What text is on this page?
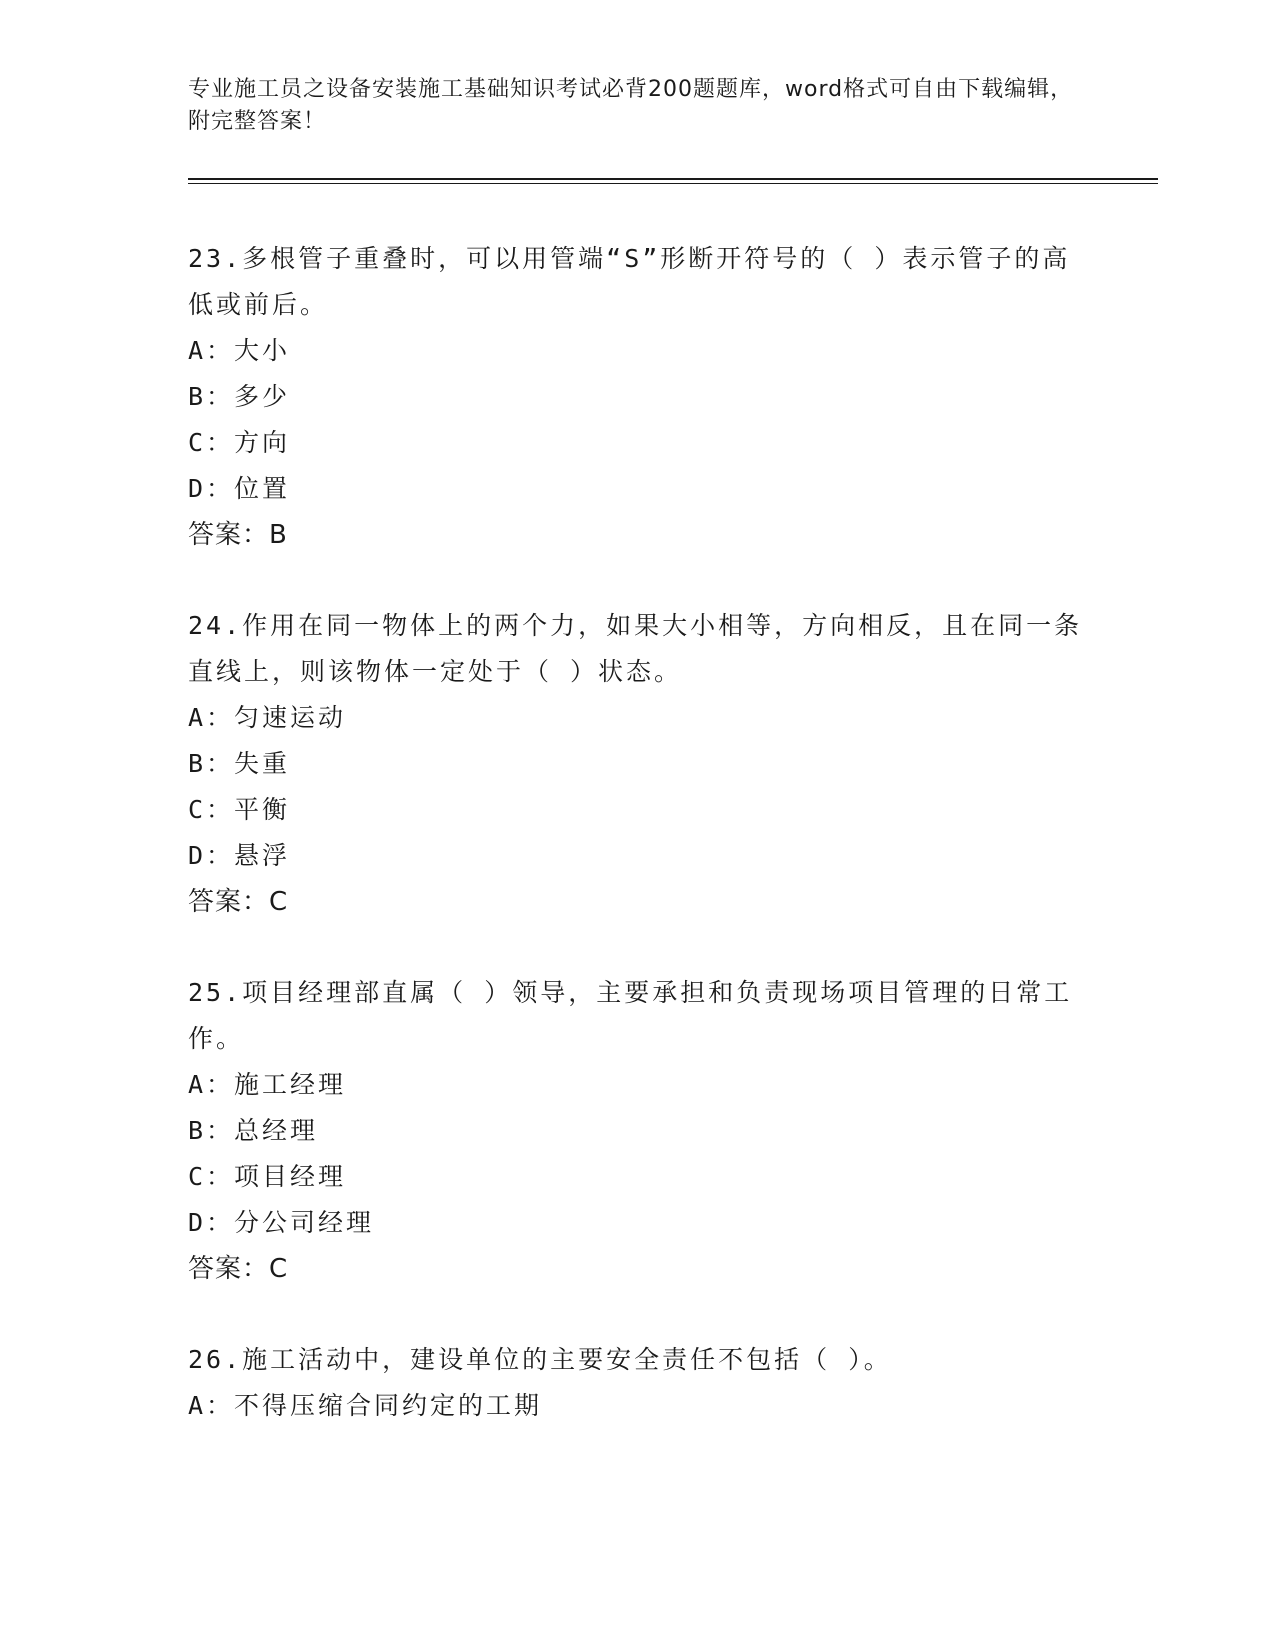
专业施工员之设备安装施工基础知识考试必背200题题库，word格式可自由下载编辑，附完整答案！

23.多根管子重叠时，可以用管端“S”形断开符号的（ ）表示管子的高低或前后。

A：大小

B：多少

C：方向

D：位置

答案：B

24.作用在同一物体上的两个力，如果大小相等，方向相反，且在同一条直线上，则该物体一定处于（ ）状态。

A：匀速运动

B：失重

C：平衡

D：悬浮

答案：C

25.项目经理部直属（ ）领导，主要承担和负责现场项目管理的日常工作。

A：施工经理

B：总经理

C：项目经理

D：分公司经理

答案：C

26.施工活动中，建设单位的主要安全责任不包括（ ）。

A：不得压缩合同约定的工期
